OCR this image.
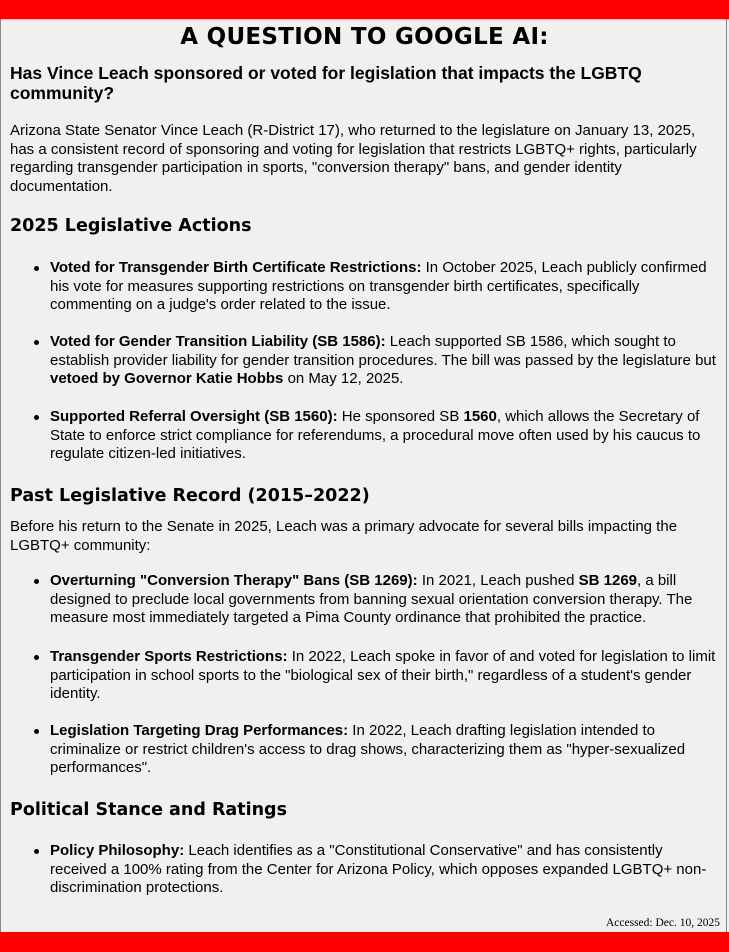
A QUESTION TO GOOGLE AI:
Has Vince Leach sponsored or voted for legislation that impacts the LGBTQ community?
Arizona State Senator Vince Leach (R-District 17), who returned to the legislature on January 13, 2025, has a consistent record of sponsoring and voting for legislation that restricts LGBTQ+ rights, particularly regarding transgender participation in sports, "conversion therapy" bans, and gender identity documentation.
2025 Legislative Actions
Voted for Transgender Birth Certificate Restrictions: In October 2025, Leach publicly confirmed his vote for measures supporting restrictions on transgender birth certificates, specifically commenting on a judge's order related to the issue.
Voted for Gender Transition Liability (SB 1586): Leach supported SB 1586, which sought to establish provider liability for gender transition procedures. The bill was passed by the legislature but vetoed by Governor Katie Hobbs on May 12, 2025.
Supported Referral Oversight (SB 1560): He sponsored SB 1560, which allows the Secretary of State to enforce strict compliance for referendums, a procedural move often used by his caucus to regulate citizen-led initiatives.
Past Legislative Record (2015–2022)
Before his return to the Senate in 2025, Leach was a primary advocate for several bills impacting the LGBTQ+ community:
Overturning "Conversion Therapy" Bans (SB 1269): In 2021, Leach pushed SB 1269, a bill designed to preclude local governments from banning sexual orientation conversion therapy. The measure most immediately targeted a Pima County ordinance that prohibited the practice.
Transgender Sports Restrictions: In 2022, Leach spoke in favor of and voted for legislation to limit participation in school sports to the "biological sex of their birth," regardless of a student's gender identity.
Legislation Targeting Drag Performances: In 2022, Leach drafting legislation intended to criminalize or restrict children's access to drag shows, characterizing them as "hyper-sexualized performances".
Political Stance and Ratings
Policy Philosophy: Leach identifies as a "Constitutional Conservative" and has consistently received a 100% rating from the Center for Arizona Policy, which opposes expanded LGBTQ+ non-discrimination protections.
Accessed: Dec. 10, 2025
